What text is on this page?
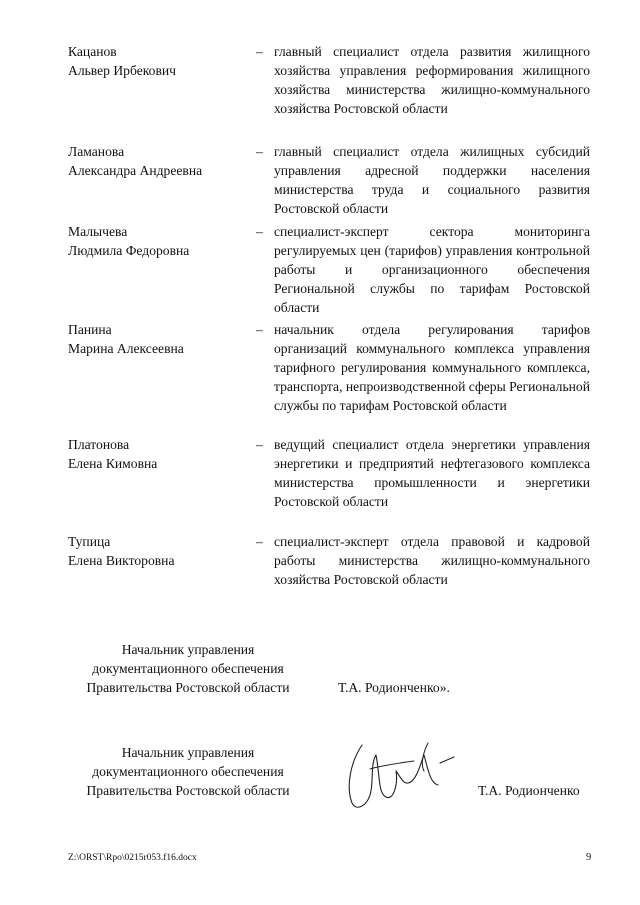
Кацанов
Альвер Ирбекович
– главный специалист отдела развития жилищного хозяйства управления реформирования жилищного хозяйства министерства жилищно-коммунального хозяйства Ростовской области
Ламанова
Александра Андреевна
– главный специалист отдела жилищных субсидий управления адресной поддержки населения министерства труда и социального развития Ростовской области
Малычева
Людмила Федоровна
– специалист-эксперт сектора мониторинга регулируемых цен (тарифов) управления контрольной работы и организационного обеспечения Региональной службы по тарифам Ростовской области
Панина
Марина Алексеевна
– начальник отдела регулирования тарифов организаций коммунального комплекса управления тарифного регулирования коммунального комплекса, транспорта, непроизводственной сферы Региональной службы по тарифам Ростовской области
Платонова
Елена Кимовна
– ведущий специалист отдела энергетики управления энергетики и предприятий нефтегазового комплекса министерства промышленности и энергетики Ростовской области
Тупица
Елена Викторовна
– специалист-эксперт отдела правовой и кадровой работы министерства жилищно-коммунального хозяйства Ростовской области
Начальник управления
документационного обеспечения
Правительства Ростовской области	Т.А. Родионченко».
Начальник управления
документационного обеспечения
Правительства Ростовской области	Т.А. Родионченко
Z:\ORST\Rpo\0215r053.f16.docx	9
